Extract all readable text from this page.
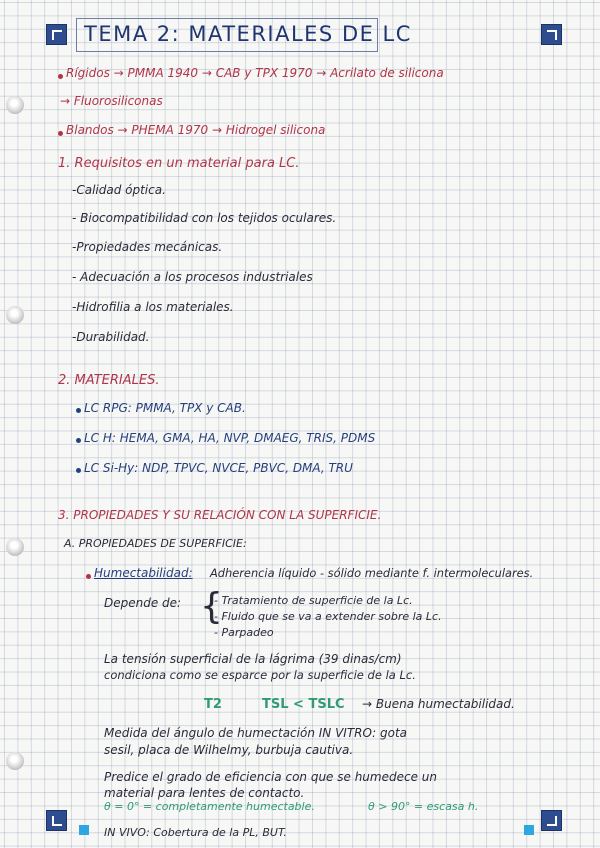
TEMA 2: MATERIALES DE LC
Rígidos → PMMA 1940 → CAB y TPX 1970 → Acrilato de silicona
→ Fluorosiliconas
Blandos → PHEMA 1970 → Hidrogel silicona
1. Requisitos en un material para LC.
-Calidad óptica.
- Biocompatibilidad con los tejidos oculares.
-Propiedades mecánicas.
- Adecuación a los procesos industriales
-Hidrofilia a los materiales.
-Durabilidad.
2. MATERIALES.
LC RPG: PMMA, TPX y CAB.
LC H: HEMA, GMA, HA, NVP, DMAEG, TRIS, PDMS
LC Si-Hy: NDP, TPVC, NVCE, PBVC, DMA, TRU
3. PROPIEDADES Y SU RELACIÓN CON LA SUPERFICIE.
A. PROPIEDADES DE SUPERFICIE:
Humectabilidad: Adherencia líquido - sólido mediante f. intermoleculares.
Depende de: {
- Tratamiento de superficie de la Lc.
- Fluido que se va a extender sobre la Lc.
- Parpadeo
La tensión superficial de la lágrima (39 dinas/cm)
condiciona como se esparce por la superficie de la Lc.
T2	TSL < TSLC → Buena humectabilidad.
Medida del ángulo de humectación IN VITRO: gota
sesil, placa de Wilhelmy, burbuja cautiva.
Predice el grado de eficiencia con que se humedece un
material para lentes de contacto.
θ = 0° = completamente humectable.	θ > 90° = escasa h.
IN VIVO: Cobertura de la PL, BUT.
